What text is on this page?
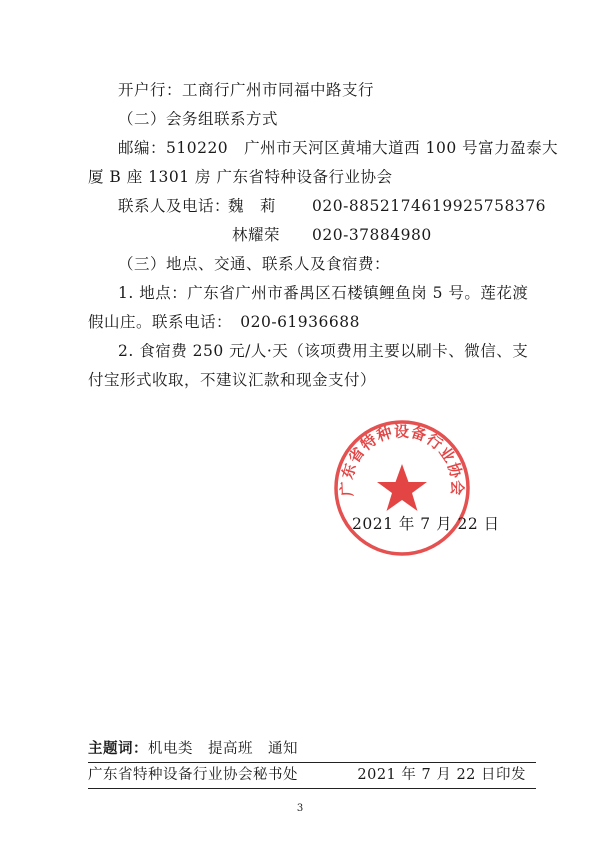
开户行：工商行广州市同福中路支行
（二）会务组联系方式
邮编：510220　广州市天河区黄埔大道西 100 号富力盈泰大
厦 B 座 1301 房 广东省特种设备行业协会
联系人及电话：
魏　莉 020-88521746 19925758376
林耀荣 020-37884980
（三）地点、交通、联系人及食宿费：
1. 地点：广东省广州市番禺区石楼镇鲤鱼岗 5 号。莲花渡
假山庄。联系电话：　020-61936688
2. 食宿费 250 元/人·天（该项费用主要以刷卡、微信、支
付宝形式收取，不建议汇款和现金支付）
广东省特种设备行业协会
2021 年 7 月 22 日
主题词：机电类　提高班　通知
广东省特种设备行业协会秘书处	2021 年 7 月 22 日印发
3
